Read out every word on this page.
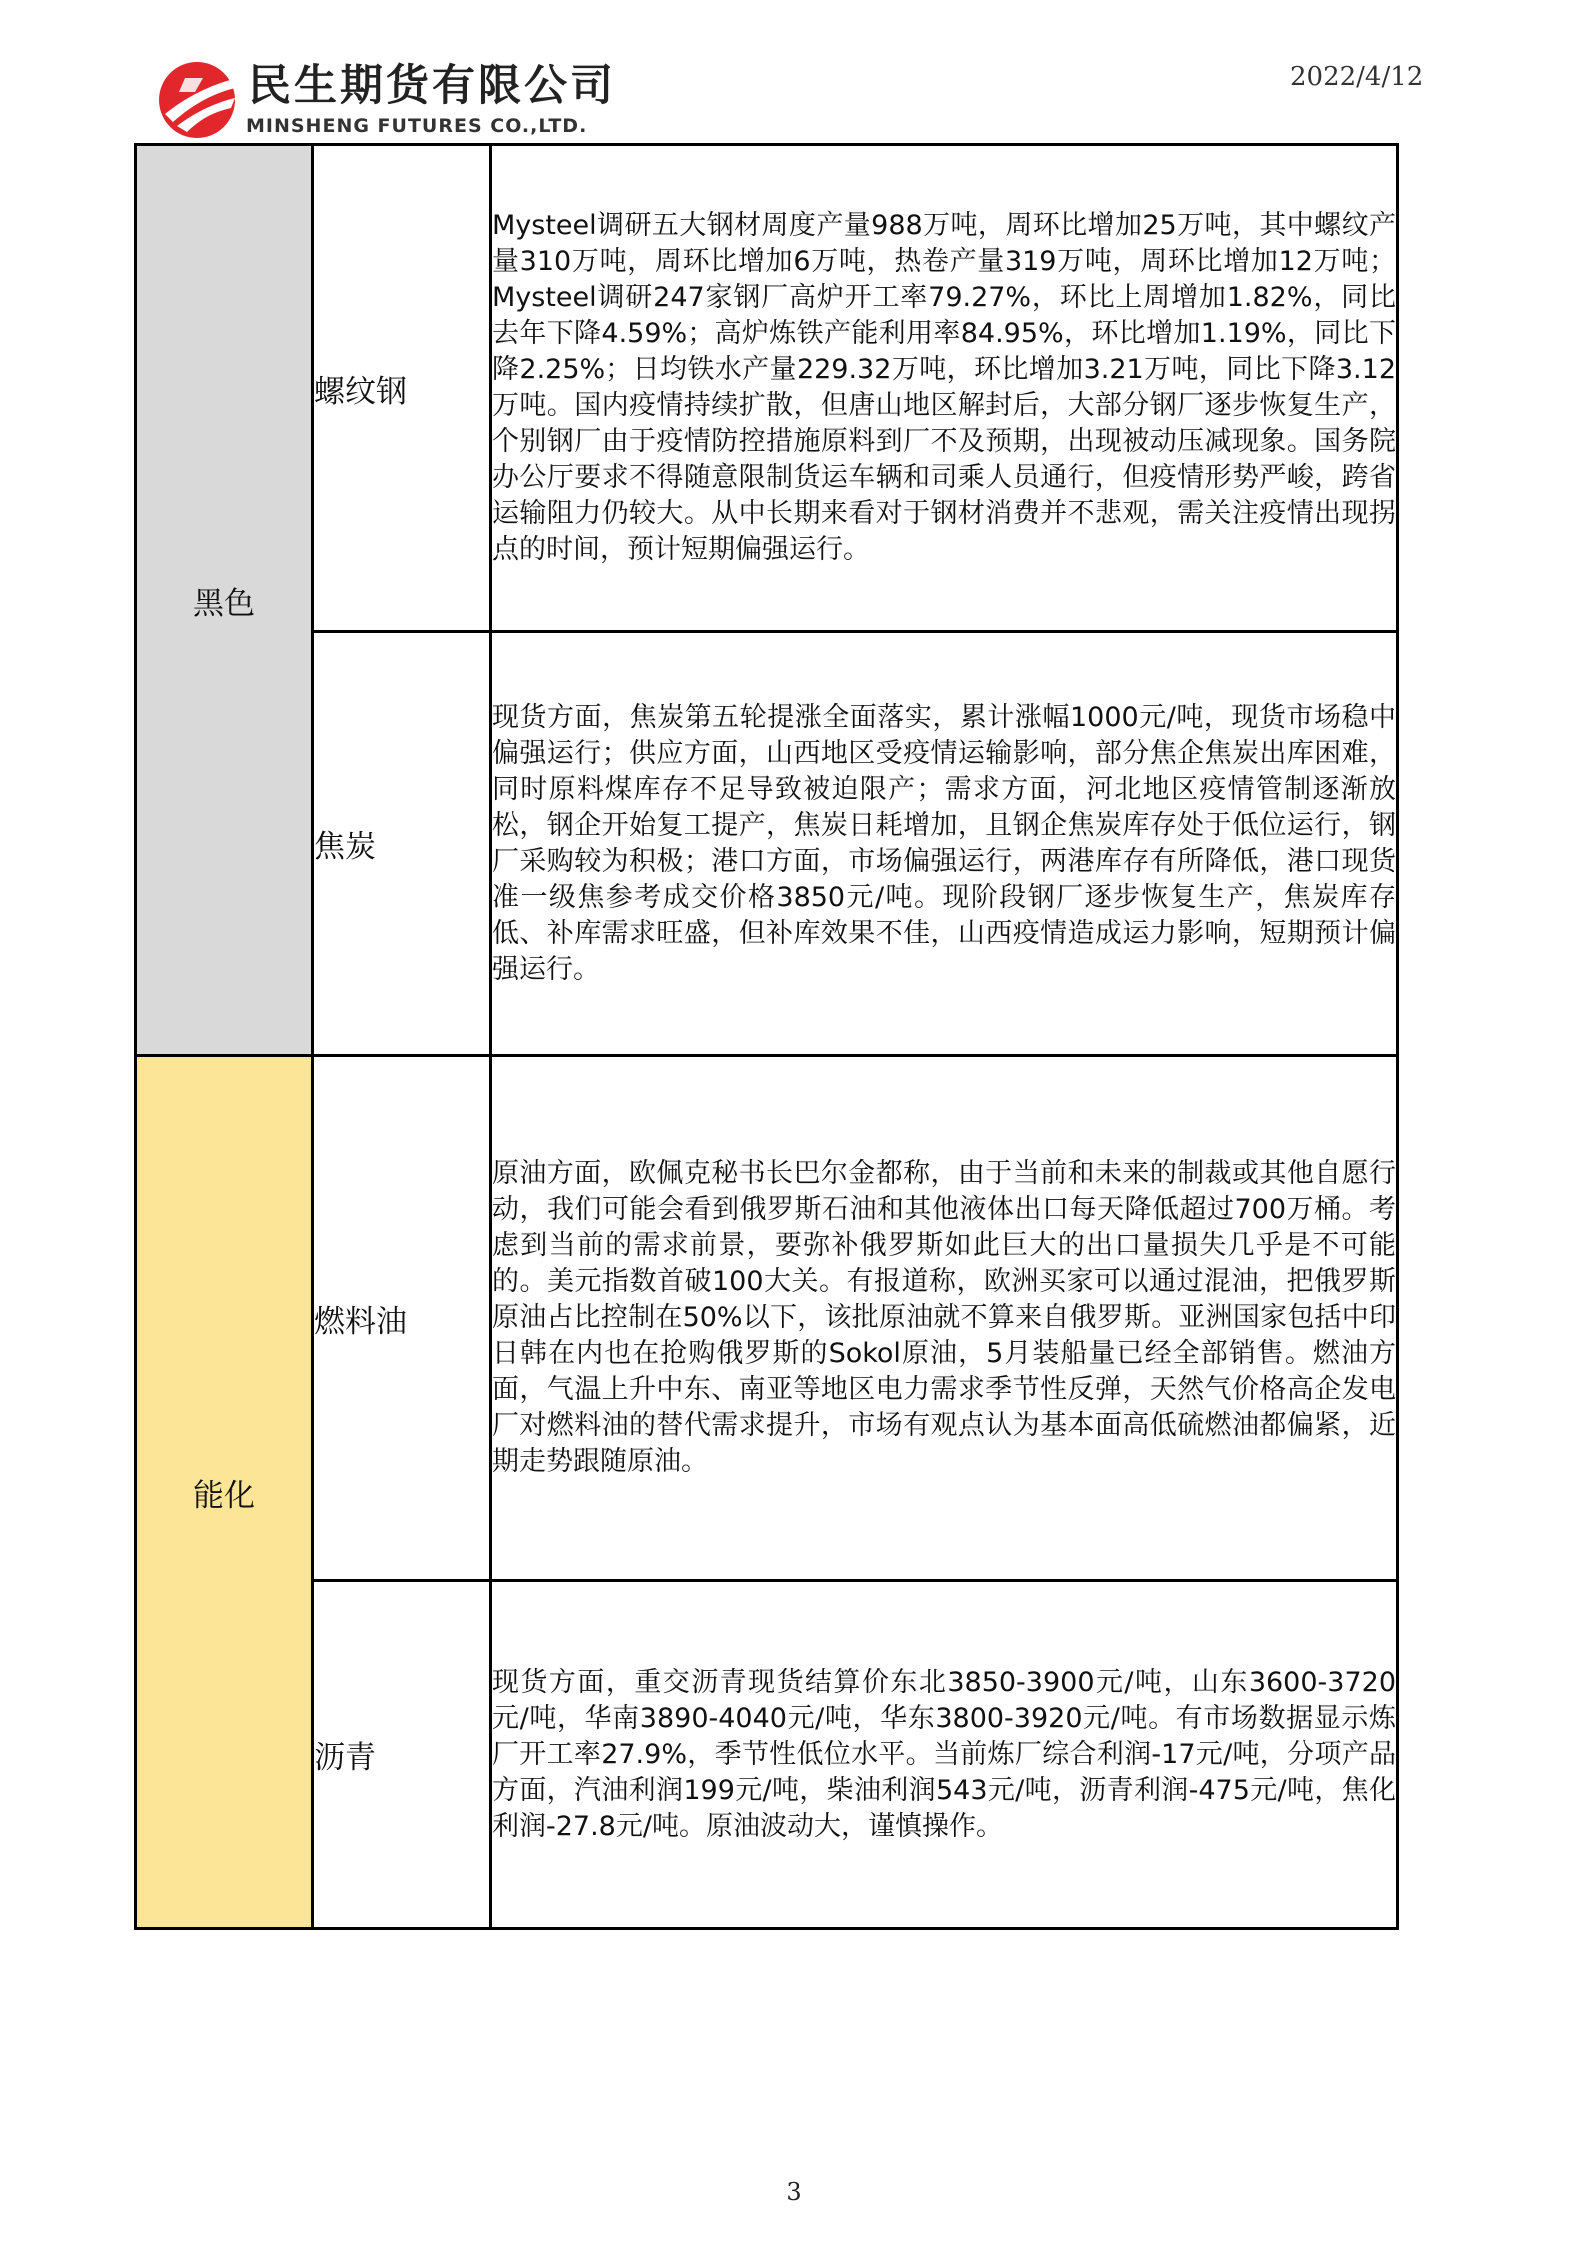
民生期货有限公司
MINSHENG FUTURES CO.,LTD.
2022/4/12
黑色	螺纹钢	Mysteel调研五大钢材周度产量988万吨，周环比增加25万吨，其中螺纹产量310万吨，周环比增加6万吨，热卷产量319万吨，周环比增加12万吨；Mysteel调研247家钢厂高炉开工率79.27%，环比上周增加1.82%，同比去年下降4.59%；高炉炼铁产能利用率84.95%，环比增加1.19%，同比下降2.25%；日均铁水产量229.32万吨，环比增加3.21万吨，同比下降3.12万吨。国内疫情持续扩散，但唐山地区解封后，大部分钢厂逐步恢复生产，个别钢厂由于疫情防控措施原料到厂不及预期，出现被动压减现象。国务院办公厅要求不得随意限制货运车辆和司乘人员通行，但疫情形势严峻，跨省运输阻力仍较大。从中长期来看对于钢材消费并不悲观，需关注疫情出现拐点的时间，预计短期偏强运行。
	焦炭	现货方面，焦炭第五轮提涨全面落实，累计涨幅1000元/吨，现货市场稳中偏强运行；供应方面，山西地区受疫情运输影响，部分焦企焦炭出库困难，同时原料煤库存不足导致被迫限产；需求方面，河北地区疫情管制逐渐放松，钢企开始复工提产，焦炭日耗增加，且钢企焦炭库存处于低位运行，钢厂采购较为积极；港口方面，市场偏强运行，两港库存有所降低，港口现货准一级焦参考成交价格3850元/吨。现阶段钢厂逐步恢复生产，焦炭库存低、补库需求旺盛，但补库效果不佳，山西疫情造成运力影响，短期预计偏强运行。
能化	燃料油	原油方面，欧佩克秘书长巴尔金都称，由于当前和未来的制裁或其他自愿行动，我们可能会看到俄罗斯石油和其他液体出口每天降低超过700万桶。考虑到当前的需求前景，要弥补俄罗斯如此巨大的出口量损失几乎是不可能的。美元指数首破100大关。有报道称，欧洲买家可以通过混油，把俄罗斯原油占比控制在50%以下，该批原油就不算来自俄罗斯。亚洲国家包括中印日韩在内也在抢购俄罗斯的Sokol原油，5月装船量已经全部销售。燃油方面，气温上升中东、南亚等地区电力需求季节性反弹，天然气价格高企发电厂对燃料油的替代需求提升，市场有观点认为基本面高低硫燃油都偏紧，近期走势跟随原油。
	沥青	现货方面，重交沥青现货结算价东北3850-3900元/吨，山东3600-3720元/吨，华南3890-4040元/吨，华东3800-3920元/吨。有市场数据显示炼厂开工率27.9%，季节性低位水平。当前炼厂综合利润-17元/吨，分项产品方面，汽油利润199元/吨，柴油利润543元/吨，沥青利润-475元/吨，焦化利润-27.8元/吨。原油波动大，谨慎操作。
3
